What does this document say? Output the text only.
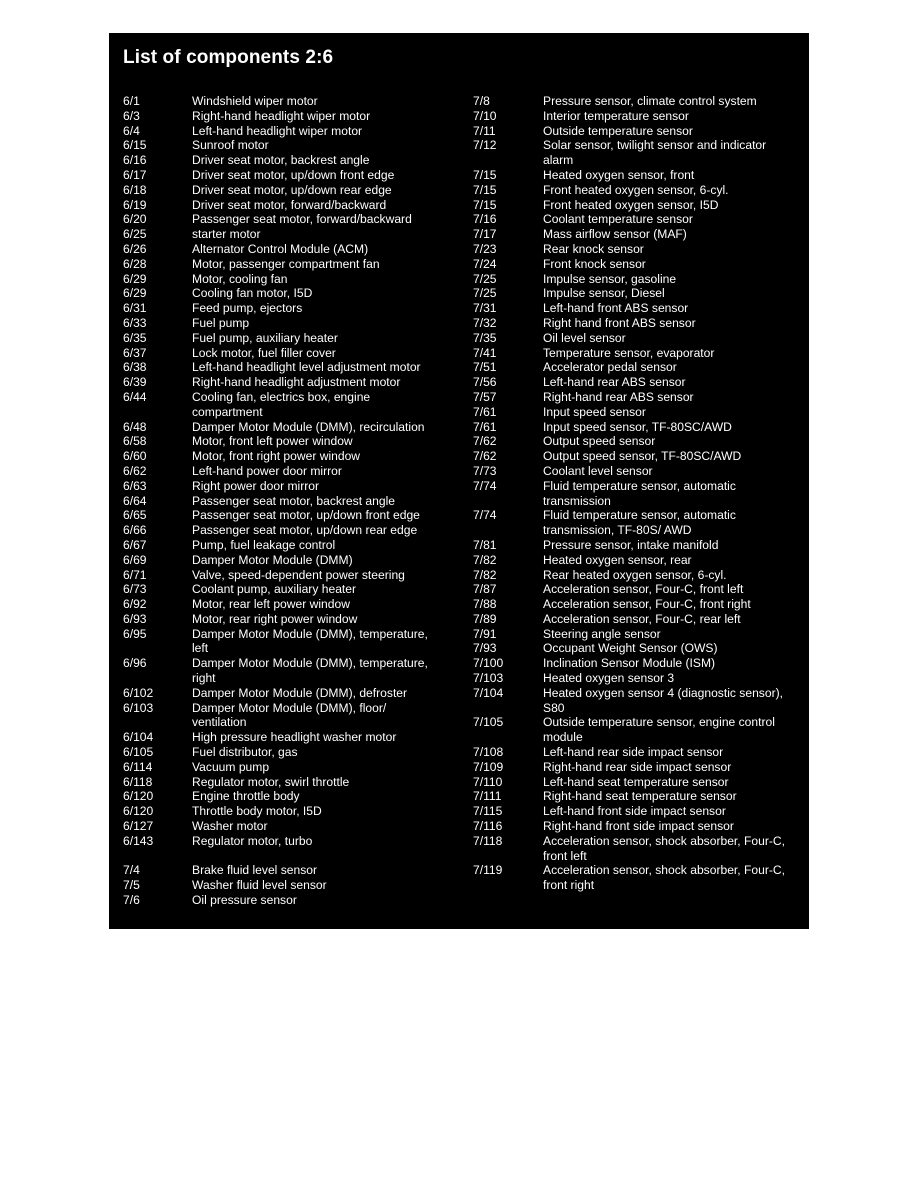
List of components 2:6
6/1	Windshield wiper motor
6/3	Right-hand headlight wiper motor
6/4	Left-hand headlight wiper motor
6/15	Sunroof motor
6/16	Driver seat motor, backrest angle
6/17	Driver seat motor, up/down front edge
6/18	Driver seat motor, up/down rear edge
6/19	Driver seat motor, forward/backward
6/20	Passenger seat motor, forward/backward
6/25	starter motor
6/26	Alternator Control Module (ACM)
6/28	Motor, passenger compartment fan
6/29	Motor, cooling fan
6/29	Cooling fan motor, I5D
6/31	Feed pump, ejectors
6/33	Fuel pump
6/35	Fuel pump, auxiliary heater
6/37	Lock motor, fuel filler cover
6/38	Left-hand headlight level adjustment motor
6/39	Right-hand headlight adjustment motor
6/44	Cooling fan, electrics box, engine
compartment
6/48	Damper Motor Module (DMM), recirculation
6/58	Motor, front left power window
6/60	Motor, front right power window
6/62	Left-hand power door mirror
6/63	Right power door mirror
6/64	Passenger seat motor, backrest angle
6/65	Passenger seat motor, up/down front edge
6/66	Passenger seat motor, up/down rear edge
6/67	Pump, fuel leakage control
6/69	Damper Motor Module (DMM)
6/71	Valve, speed-dependent power steering
6/73	Coolant pump, auxiliary heater
6/92	Motor, rear left power window
6/93	Motor, rear right power window
6/95	Damper Motor Module (DMM), temperature,
left
6/96	Damper Motor Module (DMM), temperature,
right
6/102	Damper Motor Module (DMM), defroster
6/103	Damper Motor Module (DMM), floor/
ventilation
6/104	High pressure headlight washer motor
6/105	Fuel distributor, gas
6/114	Vacuum pump
6/118	Regulator motor, swirl throttle
6/120	Engine throttle body
6/120	Throttle body motor, I5D
6/127	Washer motor
6/143	Regulator motor, turbo
7/4	Brake fluid level sensor
7/5	Washer fluid level sensor
7/6	Oil pressure sensor
7/8	Pressure sensor, climate control system
7/10	Interior temperature sensor
7/11	Outside temperature sensor
7/12	Solar sensor, twilight sensor and indicator
alarm
7/15	Heated oxygen sensor, front
7/15	Front heated oxygen sensor, 6-cyl.
7/15	Front heated oxygen sensor, I5D
7/16	Coolant temperature sensor
7/17	Mass airflow sensor (MAF)
7/23	Rear knock sensor
7/24	Front knock sensor
7/25	Impulse sensor, gasoline
7/25	Impulse sensor, Diesel
7/31	Left-hand front ABS sensor
7/32	Right hand front ABS sensor
7/35	Oil level sensor
7/41	Temperature sensor, evaporator
7/51	Accelerator pedal sensor
7/56	Left-hand rear ABS sensor
7/57	Right-hand rear ABS sensor
7/61	Input speed sensor
7/61	Input speed sensor, TF-80SC/AWD
7/62	Output speed sensor
7/62	Output speed sensor, TF-80SC/AWD
7/73	Coolant level sensor
7/74	Fluid temperature sensor, automatic
transmission
7/74	Fluid temperature sensor, automatic
transmission, TF-80S/ AWD
7/81	Pressure sensor, intake manifold
7/82	Heated oxygen sensor, rear
7/82	Rear heated oxygen sensor, 6-cyl.
7/87	Acceleration sensor, Four-C, front left
7/88	Acceleration sensor, Four-C, front right
7/89	Acceleration sensor, Four-C, rear left
7/91	Steering angle sensor
7/93	Occupant Weight Sensor (OWS)
7/100	Inclination Sensor Module (ISM)
7/103	Heated oxygen sensor 3
7/104	Heated oxygen sensor 4 (diagnostic sensor),
S80
7/105	Outside temperature sensor, engine control
module
7/108	Left-hand rear side impact sensor
7/109	Right-hand rear side impact sensor
7/110	Left-hand seat temperature sensor
7/111	Right-hand seat temperature sensor
7/115	Left-hand front side impact sensor
7/116	Right-hand front side impact sensor
7/118	Acceleration sensor, shock absorber, Four-C,
front left
7/119	Acceleration sensor, shock absorber, Four-C,
front right
